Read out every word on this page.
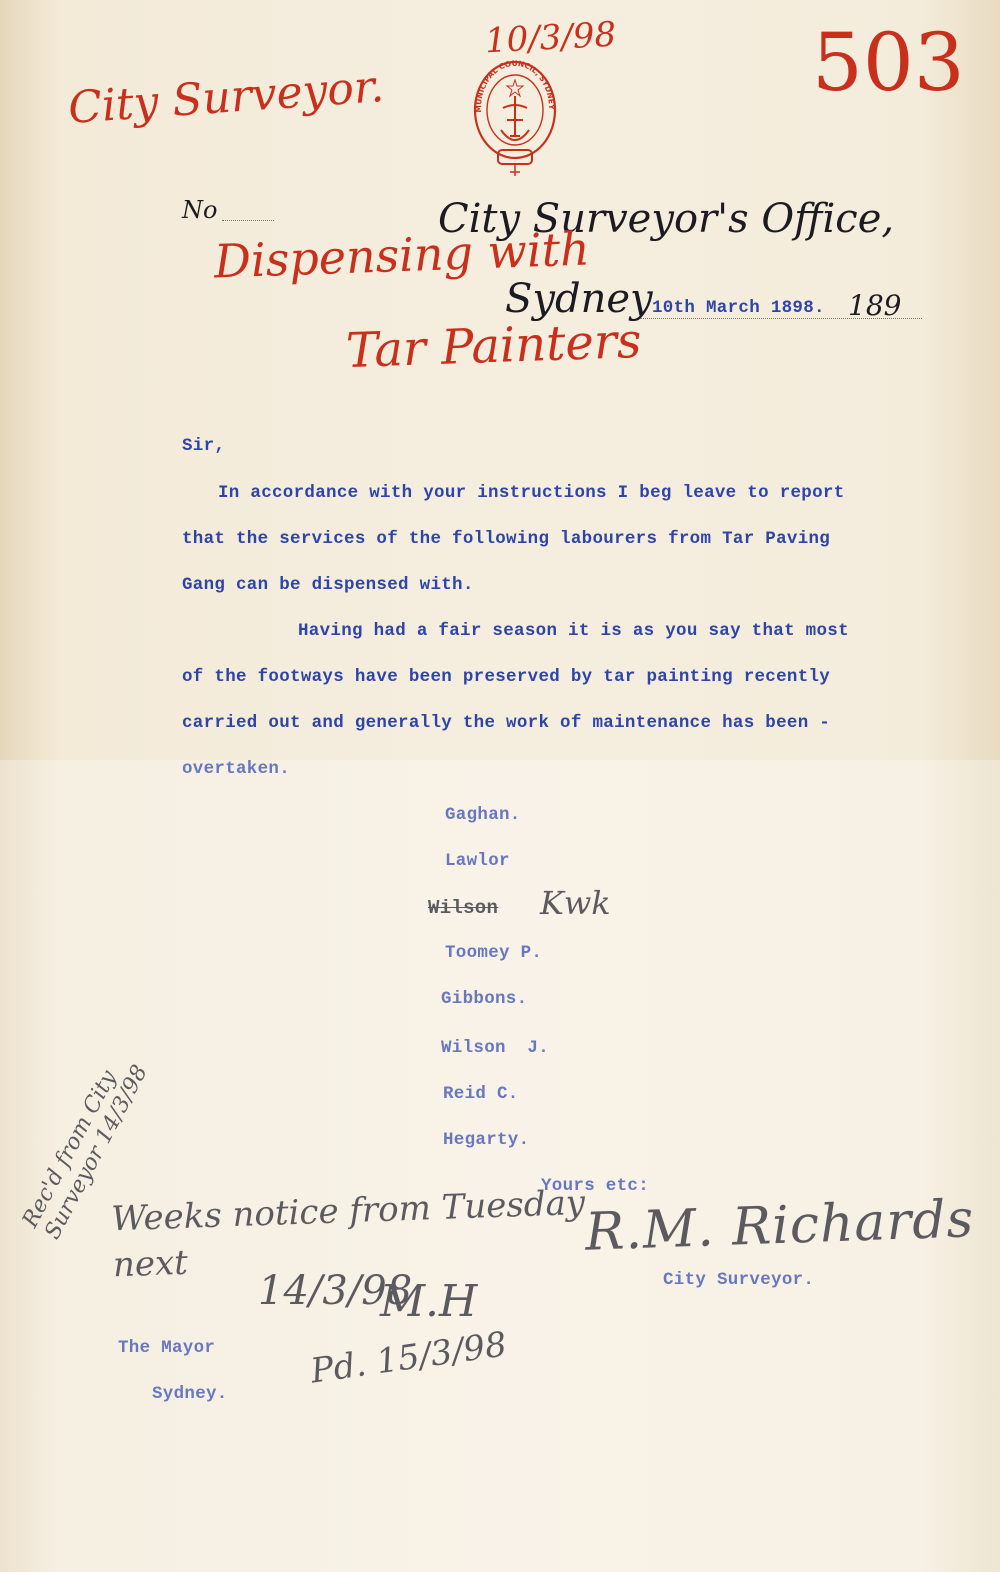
City Surveyor.	503
10/3/98
MUNICIPAL COUNCIL, SYDNEY
No	City Surveyor's Office,
Dispensing with
Sydney 10th March 1898. 189
Tar Painters
Sir,
In accordance with your instructions I beg leave to report
that the services of the following labourers from Tar Paving
Gang can be dispensed with.
Having had a fair season it is as you say that most
of the footways have been preserved by tar painting recently
carried out and generally the work of maintenance has been -
overtaken.
Gaghan.
Lawlor
Wilson Kwk
Toomey P.
Gibbons.
Wilson  J.
Reid C.
Hegarty.
Yours etc:
R.M. Richards
City Surveyor.
The Mayor
Sydney.
Rec'd from City Surveyor 14/3/98
Weeks notice from Tuesday next
14/3/98
M.H
Pd. 15/3/98
